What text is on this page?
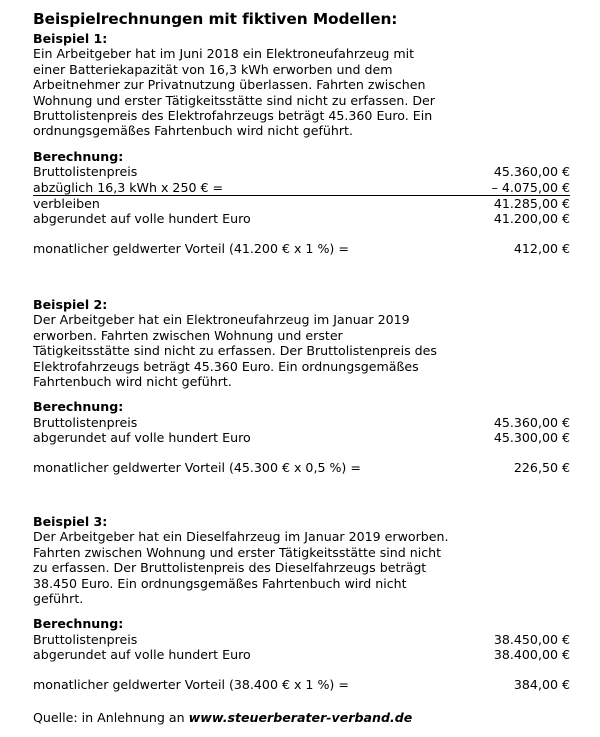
Beispielrechnungen mit fiktiven Modellen:
Beispiel 1:
Ein Arbeitgeber hat im Juni 2018 ein Elektroneufahrzeug mit
einer Batteriekapazität von 16,3 kWh erworben und dem
Arbeitnehmer zur Privatnutzung überlassen. Fahrten zwischen
Wohnung und erster Tätigkeitsstätte sind nicht zu erfassen. Der
Bruttolistenpreis des Elektrofahrzeugs beträgt 45.360 Euro. Ein
ordnungsgemäßes Fahrtenbuch wird nicht geführt.
Berechnung:
Bruttolistenpreis	45.360,00 €
abzüglich 16,3 kWh x 250 € =	– 4.075,00 €
verbleiben	41.285,00 €
abgerundet auf volle hundert Euro	41.200,00 €
monatlicher geldwerter Vorteil (41.200 € x 1 %) =	412,00 €
Beispiel 2:
Der Arbeitgeber hat ein Elektroneufahrzeug im Januar 2019
erworben. Fahrten zwischen Wohnung und erster
Tätigkeitsstätte sind nicht zu erfassen. Der Bruttolistenpreis des
Elektrofahrzeugs beträgt 45.360 Euro. Ein ordnungsgemäßes
Fahrtenbuch wird nicht geführt.
Berechnung:
Bruttolistenpreis	45.360,00 €
abgerundet auf volle hundert Euro	45.300,00 €
monatlicher geldwerter Vorteil (45.300 € x 0,5 %) =	226,50 €
Beispiel 3:
Der Arbeitgeber hat ein Dieselfahrzeug im Januar 2019 erworben.
Fahrten zwischen Wohnung und erster Tätigkeitsstätte sind nicht
zu erfassen. Der Bruttolistenpreis des Dieselfahrzeugs beträgt
38.450 Euro. Ein ordnungsgemäßes Fahrtenbuch wird nicht
geführt.
Berechnung:
Bruttolistenpreis	38.450,00 €
abgerundet auf volle hundert Euro	38.400,00 €
monatlicher geldwerter Vorteil (38.400 € x 1 %) =	384,00 €
Quelle: in Anlehnung an www.steuerberater-verband.de
